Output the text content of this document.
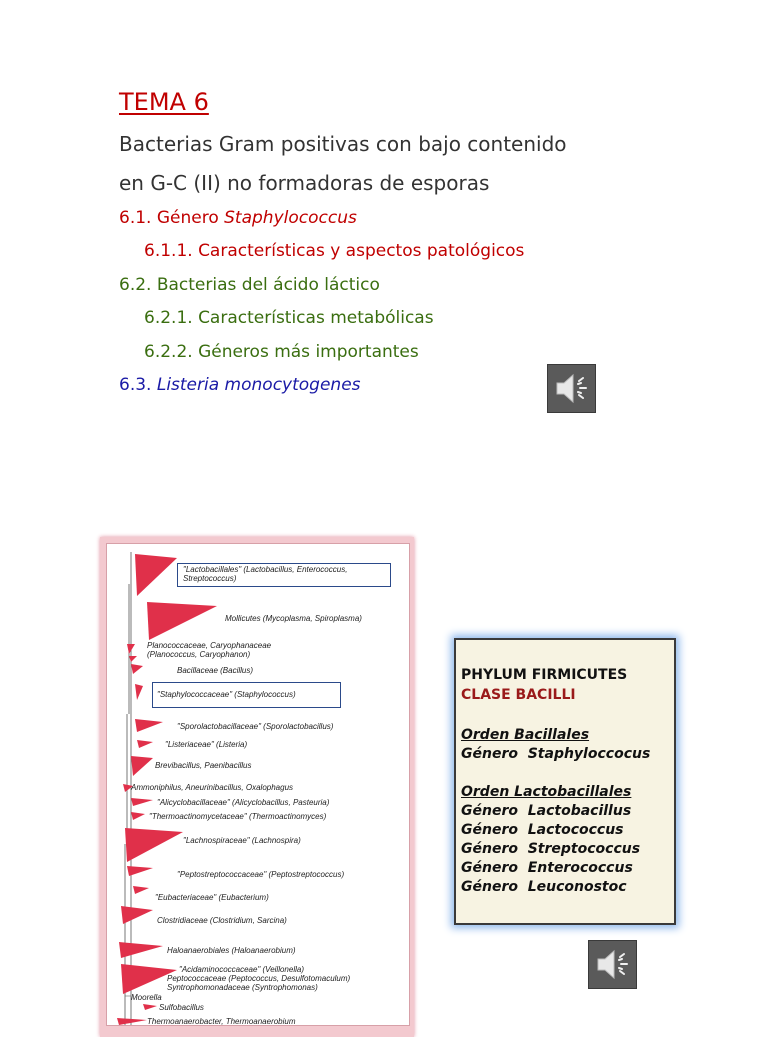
TEMA 6
Bacterias Gram positivas con bajo contenido
en G-C (II) no formadoras de esporas
6.1. Género Staphylococcus
6.1.1. Características y aspectos patológicos
6.2. Bacterias del ácido láctico
6.2.1. Características metabólicas
6.2.2. Géneros más importantes
6.3. Listeria monocytogenes
"Lactobacillales" (Lactobacillus, Enterococcus,
Streptococcus)
Mollicutes (Mycoplasma, Spiroplasma)
Planococcaceae, Caryophanaceae
(Planococcus, Caryophanon)
Bacillaceae (Bacillus)
"Staphylococcaceae" (Staphylococcus)
"Sporolactobacillaceae" (Sporolactobacillus)
"Listeriaceae" (Listeria)
Brevibacillus, Paenibacillus
Ammoniphilus, Aneurinibacillus, Oxalophagus
"Alicyclobacillaceae" (Alicyclobacillus, Pasteuria)
"Thermoactinomycetaceae" (Thermoactinomyces)
"Lachnospiraceae" (Lachnospira)
"Peptostreptococcaceae" (Peptostreptococcus)
"Eubacteriaceae" (Eubacterium)
Clostridiaceae (Clostridium, Sarcina)
Haloanaerobiales (Haloanaerobium)
"Acidaminococcaceae" (Veillonella)
Peptococcaceae (Peptococcus, Desulfotomaculum)
Syntrophomonadaceae (Syntrophomonas)
Moorella
Sulfobacillus
Thermoanaerobacter, Thermoanaerobium
PHYLUM FIRMICUTES
CLASE BACILLI
Orden Bacillales
Género  Staphyloccocus
Orden Lactobacillales
Género  Lactobacillus
Género  Lactococcus
Género  Streptococcus
Género  Enterococcus
Género  Leuconostoc
